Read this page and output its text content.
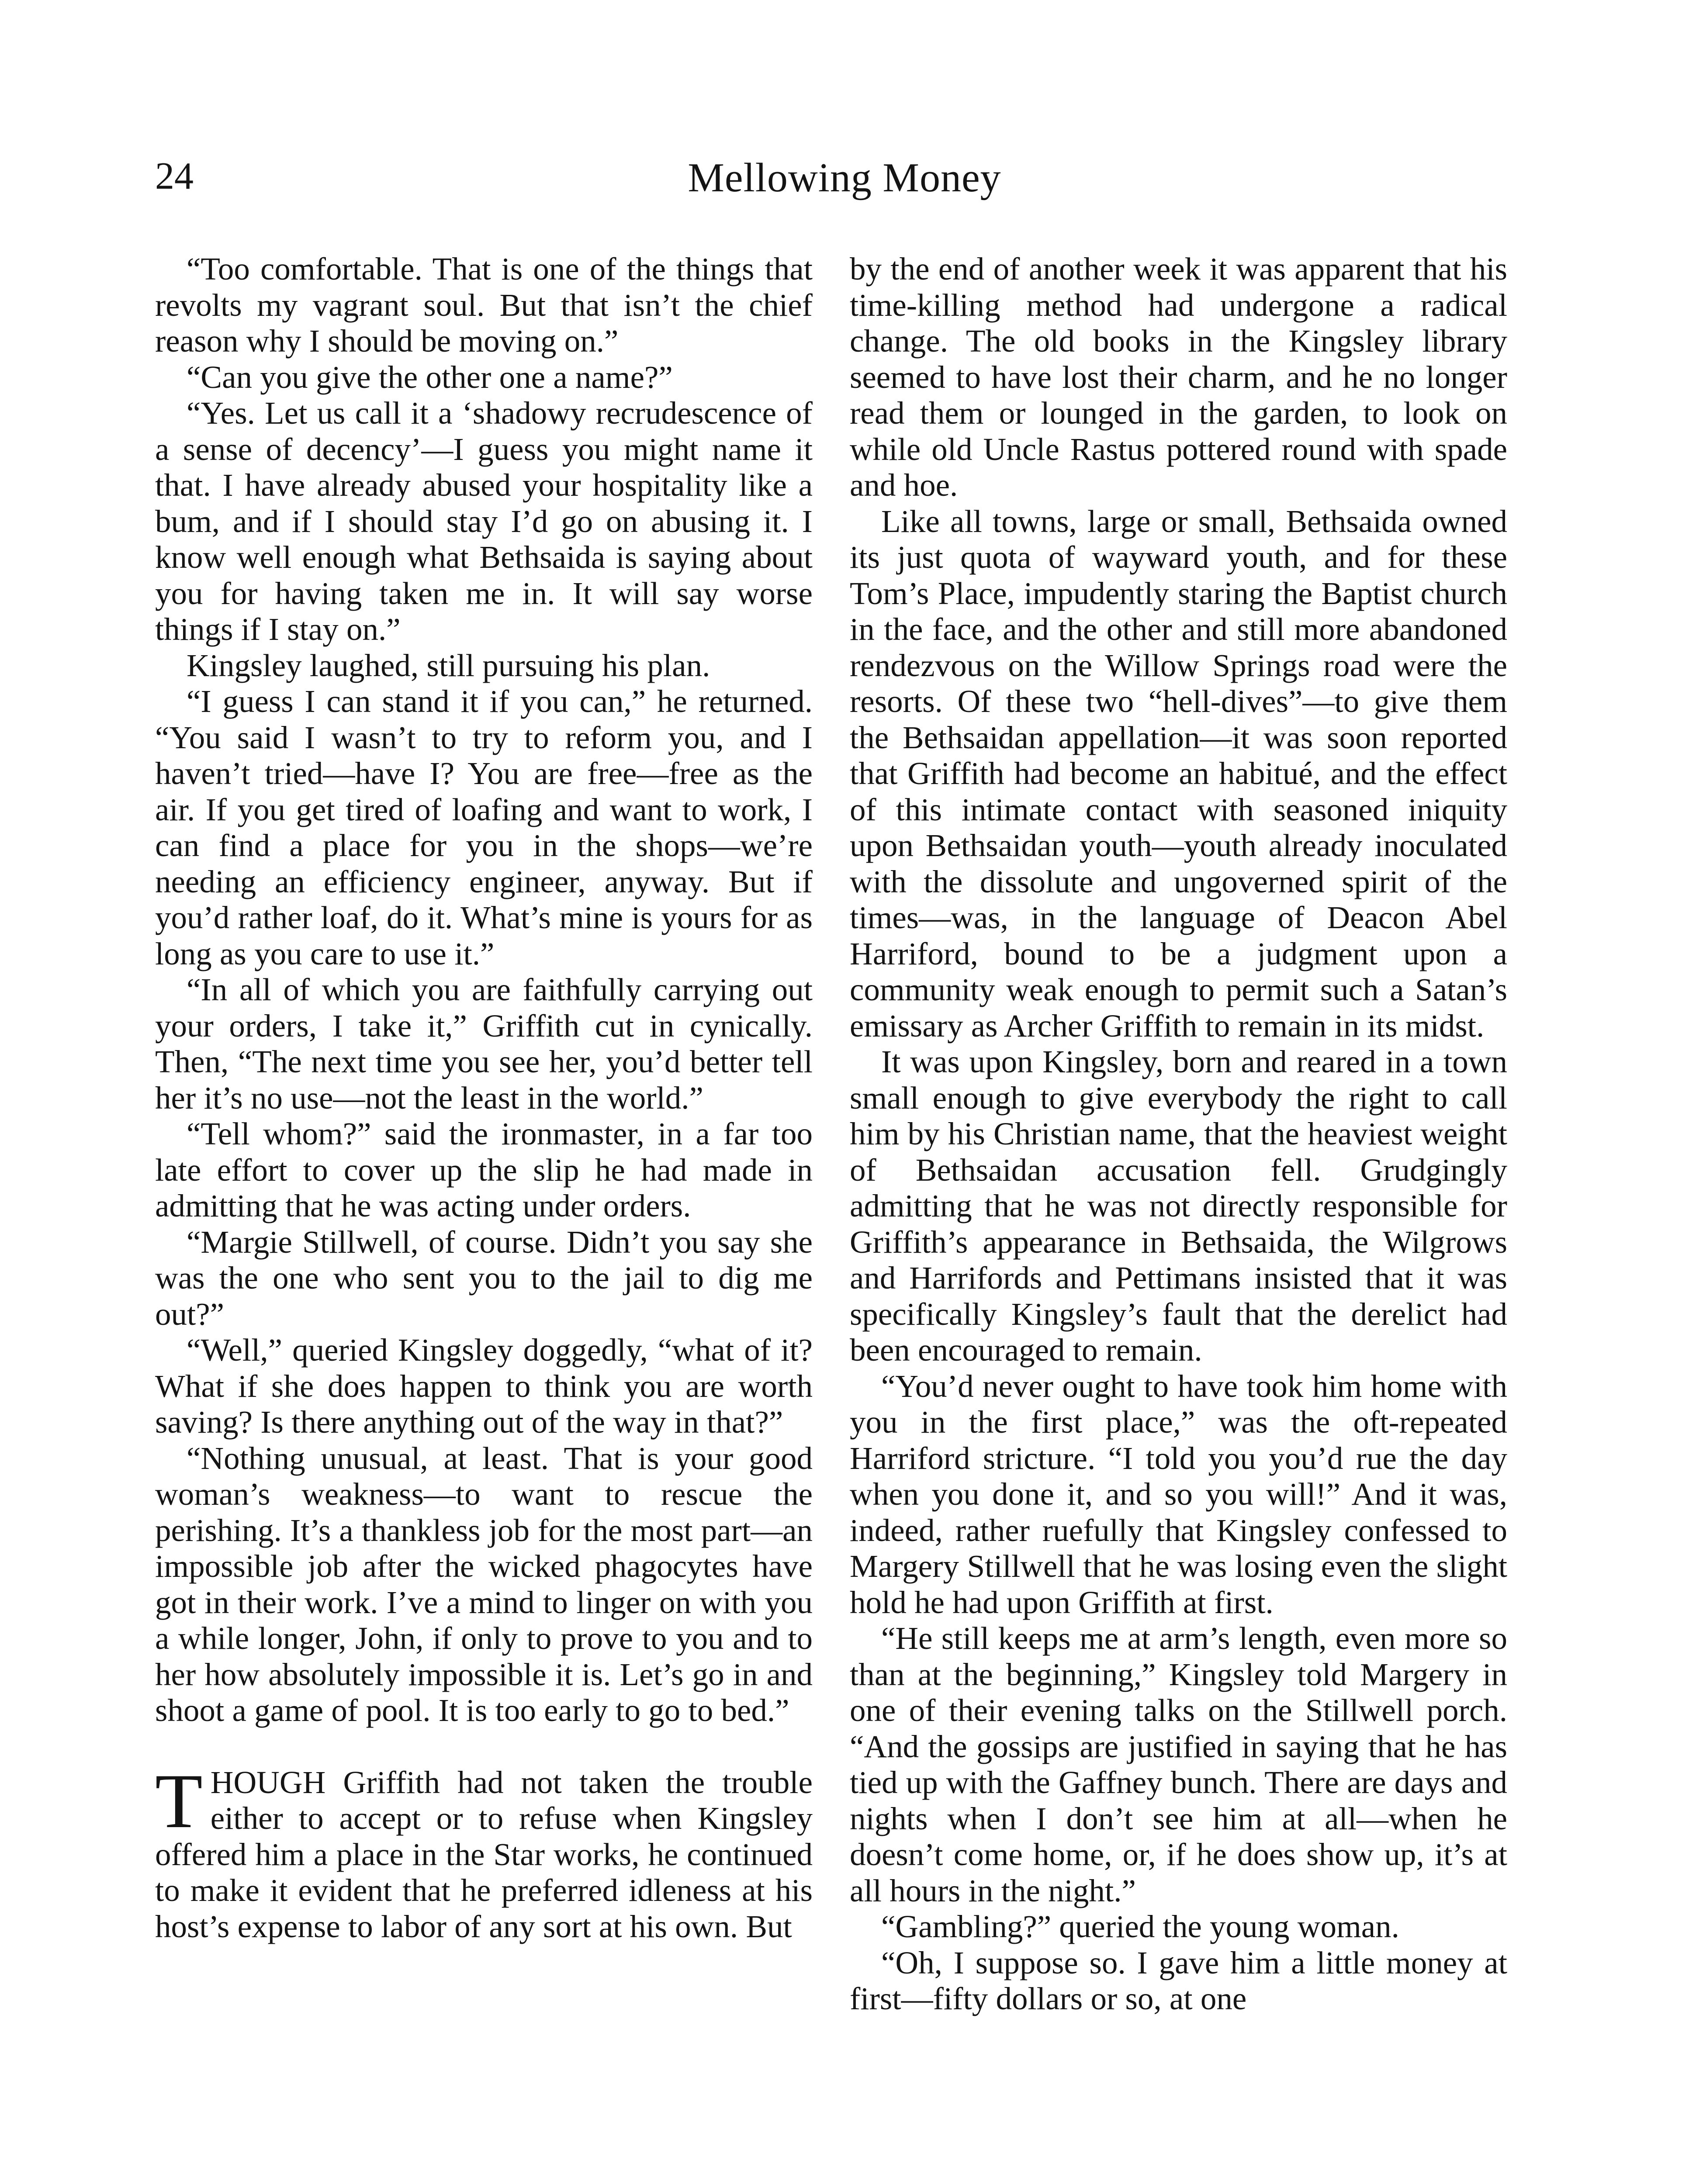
24	Mellowing Money

“Too comfortable. That is one of the things that revolts my vagrant soul. But that isn’t the chief reason why I should be moving on.”

“Can you give the other one a name?”

“Yes. Let us call it a ‘shadowy recrudescence of a sense of decency’—I guess you might name it that. I have already abused your hospitality like a bum, and if I should stay I’d go on abusing it. I know well enough what Bethsaida is saying about you for having taken me in. It will say worse things if I stay on.”

Kingsley laughed, still pursuing his plan.

“I guess I can stand it if you can,” he returned. “You said I wasn’t to try to reform you, and I haven’t tried—have I? You are free—free as the air. If you get tired of loafing and want to work, I can find a place for you in the shops—we’re needing an efficiency engineer, anyway. But if you’d rather loaf, do it. What’s mine is yours for as long as you care to use it.”

“In all of which you are faithfully carrying out your orders, I take it,” Griffith cut in cynically. Then, “The next time you see her, you’d better tell her it’s no use—not the least in the world.”

“Tell whom?” said the ironmaster, in a far too late effort to cover up the slip he had made in admitting that he was acting under orders.

“Margie Stillwell, of course. Didn’t you say she was the one who sent you to the jail to dig me out?”

“Well,” queried Kingsley doggedly, “what of it? What if she does happen to think you are worth saving? Is there anything out of the way in that?”

“Nothing unusual, at least. That is your good woman’s weakness—to want to rescue the perishing. It’s a thankless job for the most part—an impossible job after the wicked phagocytes have got in their work. I’ve a mind to linger on with you a while longer, John, if only to prove to you and to her how absolutely impossible it is. Let’s go in and shoot a game of pool. It is too early to go to bed.”

THOUGH Griffith had not taken the trouble either to accept or to refuse when Kingsley offered him a place in the Star works, he continued to make it evident that he preferred idleness at his host’s expense to labor of any sort at his own. But

by the end of another week it was apparent that his time-killing method had undergone a radical change. The old books in the Kingsley library seemed to have lost their charm, and he no longer read them or lounged in the garden, to look on while old Uncle Rastus pottered round with spade and hoe.

Like all towns, large or small, Bethsaida owned its just quota of wayward youth, and for these Tom’s Place, impudently staring the Baptist church in the face, and the other and still more abandoned rendezvous on the Willow Springs road were the resorts. Of these two “hell-dives”—to give them the Bethsaidan appellation—it was soon reported that Griffith had become an habitué, and the effect of this intimate contact with seasoned iniquity upon Bethsaidan youth—youth already inoculated with the dissolute and ungoverned spirit of the times—was, in the language of Deacon Abel Harriford, bound to be a judgment upon a community weak enough to permit such a Satan’s emissary as Archer Griffith to remain in its midst.

It was upon Kingsley, born and reared in a town small enough to give everybody the right to call him by his Christian name, that the heaviest weight of Bethsaidan accusation fell. Grudgingly admitting that he was not directly responsible for Griffith’s appearance in Bethsaida, the Wilgrows and Harrifords and Pettimans insisted that it was specifically Kingsley’s fault that the derelict had been encouraged to remain.

“You’d never ought to have took him home with you in the first place,” was the oft-repeated Harriford stricture. “I told you you’d rue the day when you done it, and so you will!” And it was, indeed, rather ruefully that Kingsley confessed to Margery Stillwell that he was losing even the slight hold he had upon Griffith at first.

“He still keeps me at arm’s length, even more so than at the beginning,” Kingsley told Margery in one of their evening talks on the Stillwell porch. “And the gossips are justified in saying that he has tied up with the Gaffney bunch. There are days and nights when I don’t see him at all—when he doesn’t come home, or, if he does show up, it’s at all hours in the night.”

“Gambling?” queried the young woman.

“Oh, I suppose so. I gave him a little money at first—fifty dollars or so, at one
